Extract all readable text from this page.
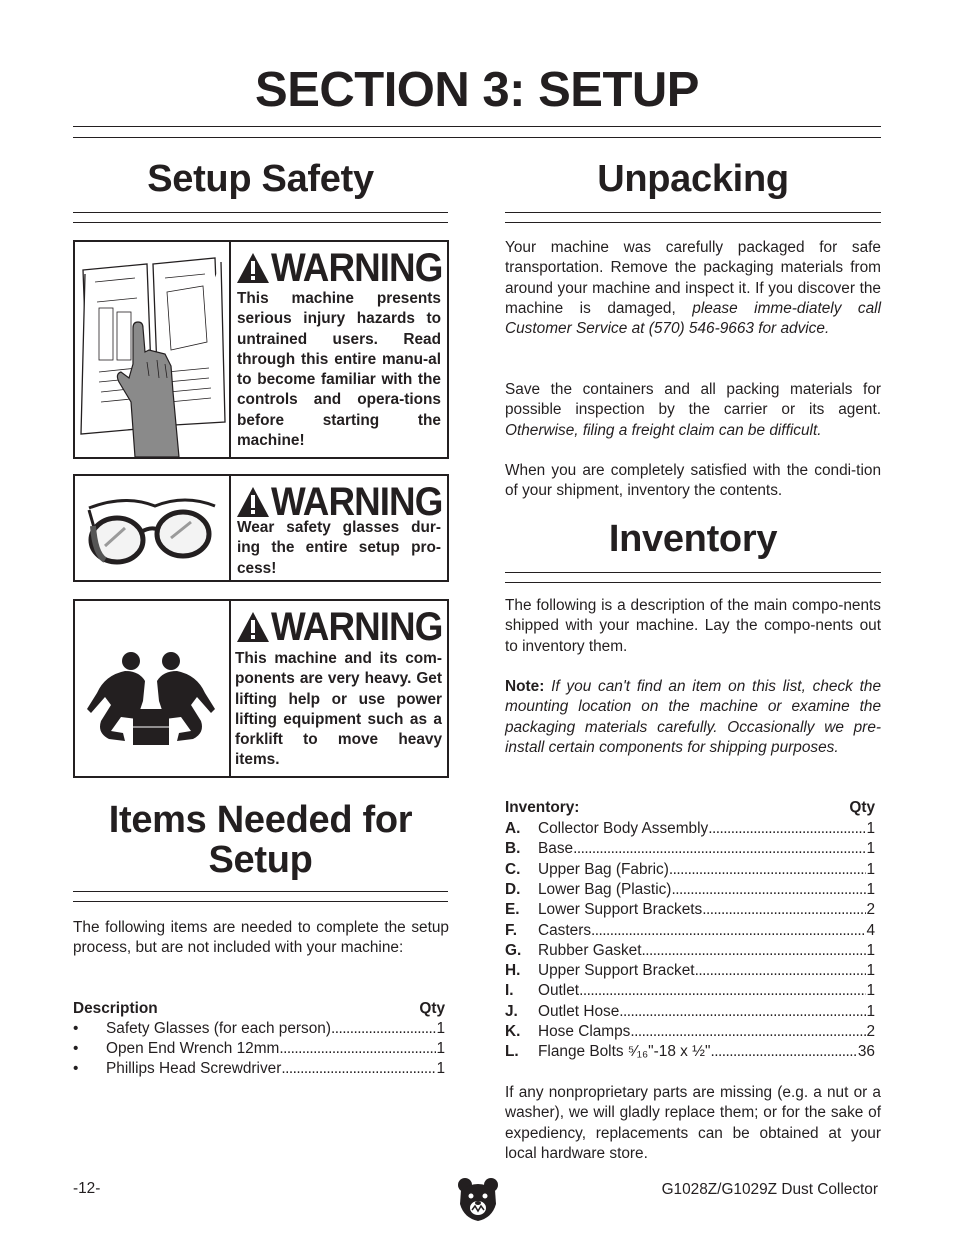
SECTION 3: SETUP
Setup Safety
WARNING
This machine presents serious injury hazards to untrained users. Read through this entire manu-al to become familiar with the controls and opera-tions before starting the machine!
WARNING
Wear safety glasses dur-ing the entire setup pro-cess!
WARNING
This machine and its com-ponents are very heavy. Get lifting help or use power lifting equipment such as a forklift to move heavy items.
Items Needed for
Setup

The following items are needed to complete the setup process, but are not included with your machine:

Description	Qty
•	Safety Glasses (for each person) . . .	1
•	Open End Wrench 12mm . . .	1
•	Phillips Head Screwdriver . . .	1
Unpacking

Your machine was carefully packaged for safe transportation. Remove the packaging materials from around your machine and inspect it. If you discover the machine is damaged, please imme-diately call Customer Service at (570) 546-9663 for advice.

Save the containers and all packing materials for possible inspection by the carrier or its agent. Otherwise, filing a freight claim can be difficult.

When you are completely satisfied with the condi-tion of your shipment, inventory the contents.

Inventory

The following is a description of the main compo-nents shipped with your machine. Lay the compo-nents out to inventory them.

Note: If you can't find an item on this list, check the mounting location on the machine or examine the packaging materials carefully. Occasionally we pre-install certain components for shipping purposes.

Inventory:	Qty
A.	Collector Body Assembly . . .	1
B.	Base . . .	1
C.	Upper Bag (Fabric) . . .	1
D.	Lower Bag (Plastic) . . .	1
E.	Lower Support Brackets . . .	2
F.	Casters . . .	4
G.	Rubber Gasket . . .	1
H.	Upper Support Bracket . . .	1
I.	Outlet . . .	1
J.	Outlet Hose . . .	1
K.	Hose Clamps . . .	2
L.	Flange Bolts ⁵⁄₁₆"-18 x ½" . . .	36

If any nonproprietary parts are missing (e.g. a nut or a washer), we will gladly replace them; or for the sake of expediency, replacements can be obtained at your local hardware store.

-12-	G1028Z/G1029Z Dust Collector
